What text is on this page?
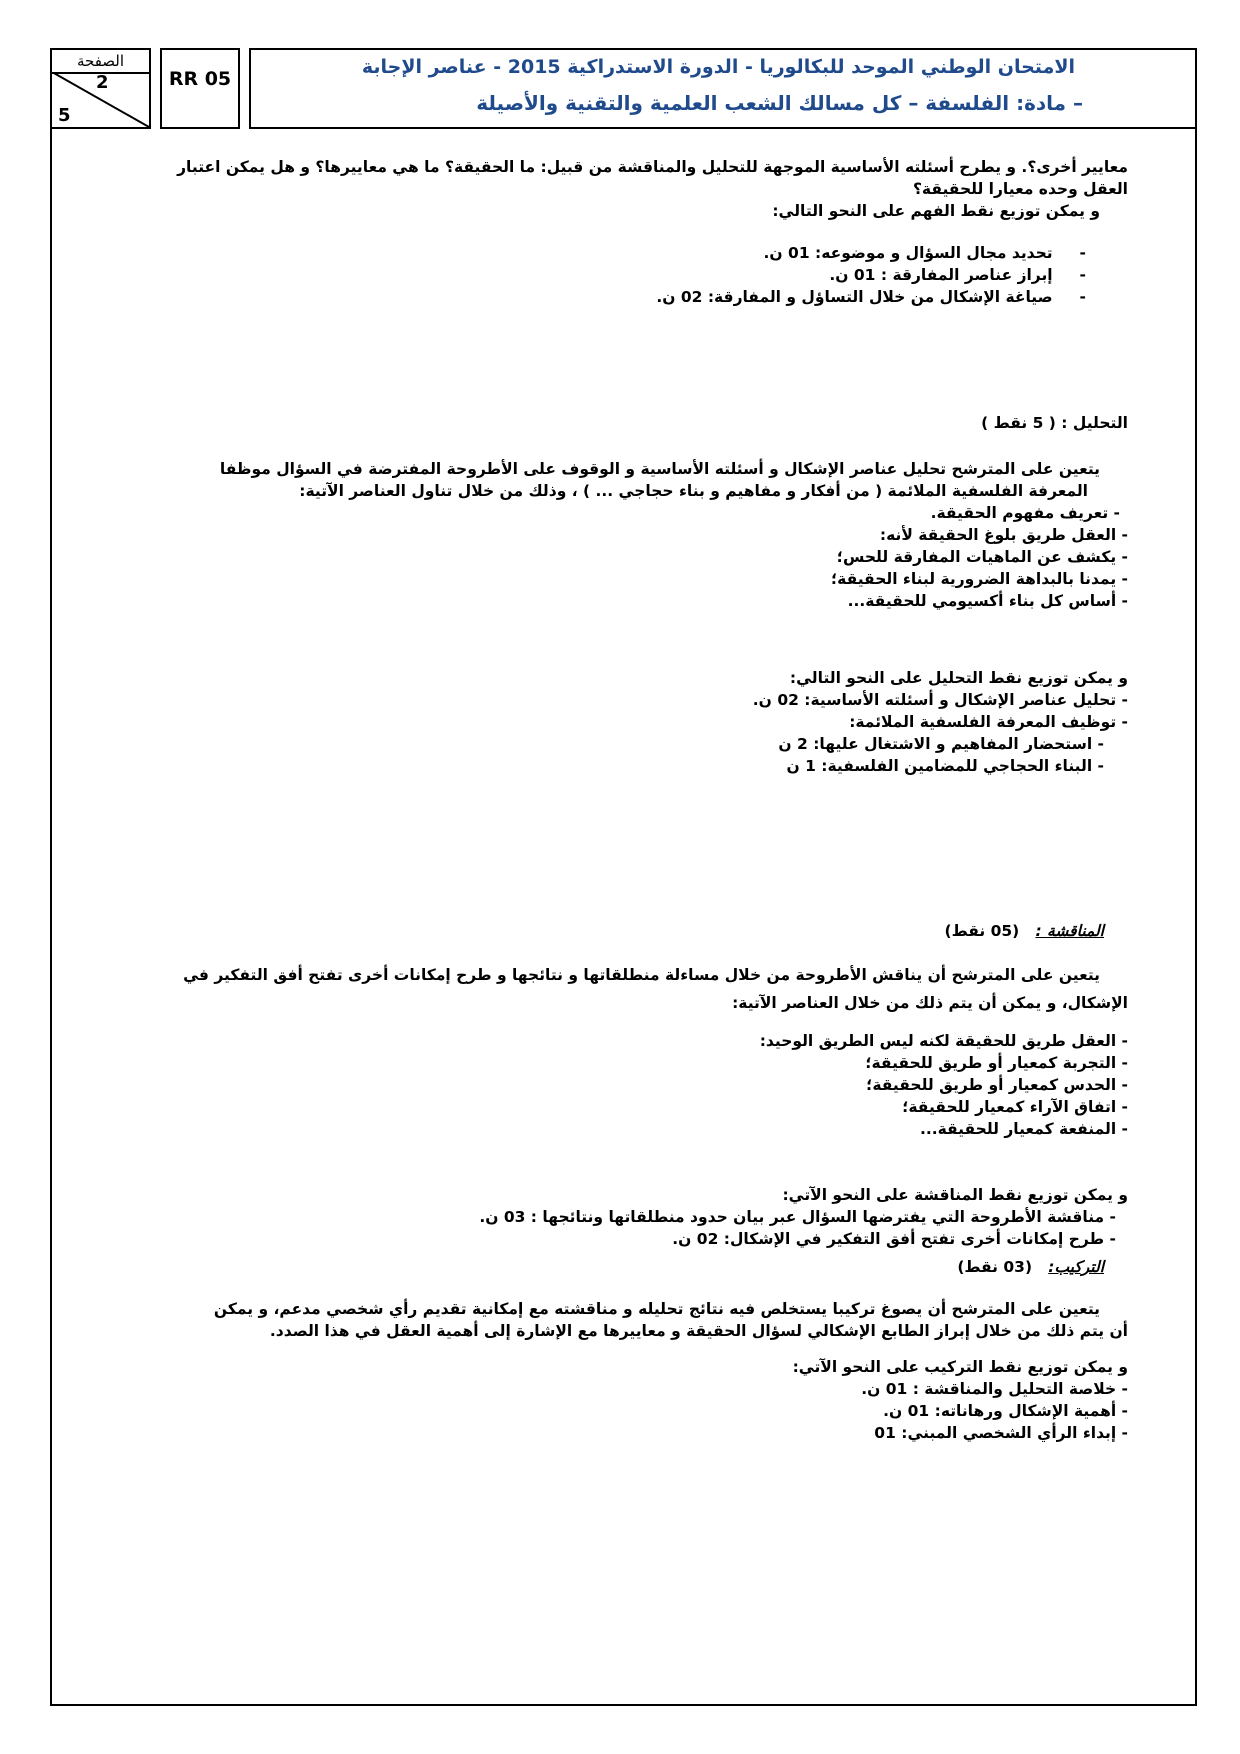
الصفحة
2
5
RR 05
الامتحان الوطني الموحد للبكالوريا - الدورة الاستدراكية 2015 - عناصر الإجابة
– مادة: الفلسفة – كل مسالك الشعب العلمية والتقنية والأصيلة

معايير أخرى؟. و يطرح أسئلته الأساسية الموجهة للتحليل والمناقشة من قبيل: ما الحقيقة؟ ما هي معاييرها؟ و هل يمكن اعتبار

العقل وحده معيارا للحقيقة؟

و يمكن توزيع نقط الفهم على النحو التالي:

- تحديد مجال السؤال و موضوعه: 01 ن.
- إبراز عناصر المفارقة : 01 ن.
- صياغة الإشكال من خلال التساؤل و المفارقة: 02 ن.

التحليل : ( 5 نقط )

يتعين على المترشح تحليل عناصر الإشكال و أسئلته الأساسية و الوقوف على الأطروحة المفترضة في السؤال موظفا

المعرفة الفلسفية الملائمة ( من أفكار و مفاهيم و بناء حجاجي ... ) ، وذلك من خلال تناول العناصر الآتية:

- تعريف مفهوم الحقيقة.
- العقل طريق بلوغ الحقيقة لأنه:
- يكشف عن الماهيات المفارقة للحس؛
- يمدنا بالبداهة الضرورية لبناء الحقيقة؛
- أساس كل بناء أكسيومي للحقيقة...

و يمكن توزيع نقط التحليل على النحو التالي:

- تحليل عناصر الإشكال و أسئلته الأساسية: 02 ن.
- توظيف المعرفة الفلسفية الملائمة:
- استحضار المفاهيم و الاشتغال عليها: 2 ن
- البناء الحجاجي للمضامين الفلسفية: 1 ن

المناقشة :   (05 نقط)

يتعين على المترشح أن يناقش الأطروحة من خلال مساءلة منطلقاتها و نتائجها و طرح إمكانات أخرى تفتح أفق التفكير في

الإشكال، و يمكن أن يتم ذلك من خلال العناصر الآتية:

- العقل طريق للحقيقة لكنه ليس الطريق الوحيد:
- التجربة كمعيار أو طريق للحقيقة؛
- الحدس كمعيار أو طريق للحقيقة؛
- اتفاق الآراء كمعيار للحقيقة؛
- المنفعة كمعيار للحقيقة...

و يمكن توزيع نقط المناقشة على النحو الآتي:

- مناقشة الأطروحة التي يفترضها السؤال عبر بيان حدود منطلقاتها ونتائجها : 03 ن.
- طرح إمكانات أخرى تفتح أفق التفكير في الإشكال: 02 ن.

التركيب:   (03 نقط)

يتعين على المترشح أن يصوغ تركيبا يستخلص فيه نتائج تحليله و مناقشته مع إمكانية تقديم رأي شخصي مدعم، و يمكن

أن يتم ذلك من خلال إبراز الطابع الإشكالي لسؤال الحقيقة و معاييرها مع الإشارة إلى أهمية العقل في هذا الصدد.

و يمكن توزيع نقط التركيب على النحو الآتي:

- خلاصة التحليل والمناقشة : 01 ن.
- أهمية الإشكال ورهاناته: 01 ن.
- إبداء الرأي الشخصي المبني: 01
